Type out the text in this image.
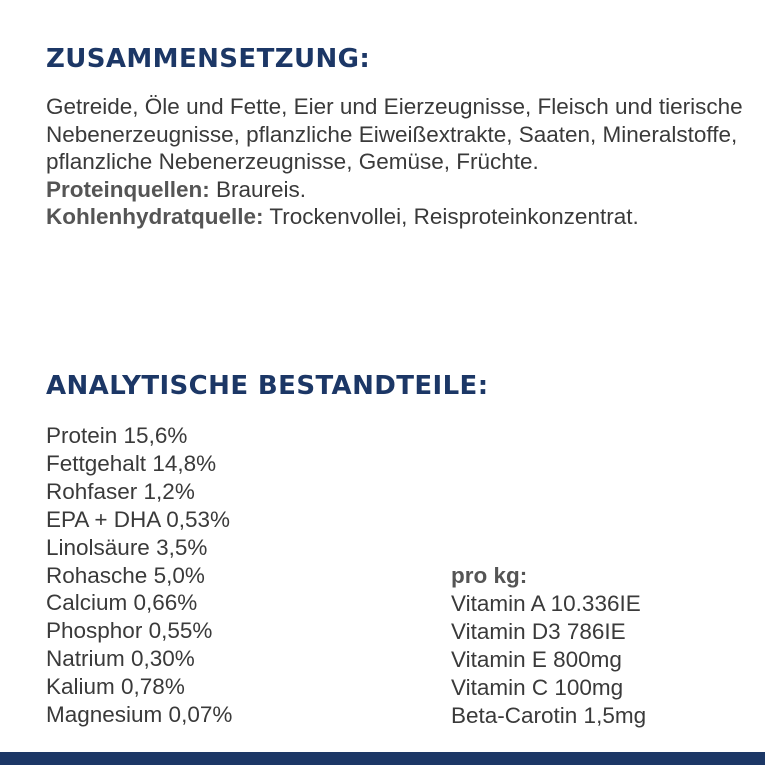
ZUSAMMENSETZUNG:

Getreide, Öle und Fette, Eier und Eierzeugnisse, Fleisch und tierische Nebenerzeugnisse, pflanzliche Eiweißextrakte, Saaten, Mineralstoffe, pflanzliche Nebenerzeugnisse, Gemüse, Früchte.

Proteinquellen: Braureis.

Kohlenhydratquelle: Trockenvollei, Reisproteinkonzentrat.

ANALYTISCHE BESTANDTEILE:
Protein 15,6%
Fettgehalt 14,8%
Rohfaser 1,2%
EPA + DHA 0,53%
Linolsäure 3,5%
Rohasche 5,0%
Calcium 0,66%
Phosphor 0,55%
Natrium 0,30%
Kalium 0,78%
Magnesium 0,07%
pro kg:
Vitamin A 10.336IE
Vitamin D3 786IE
Vitamin E 800mg
Vitamin C 100mg
Beta-Carotin 1,5mg
